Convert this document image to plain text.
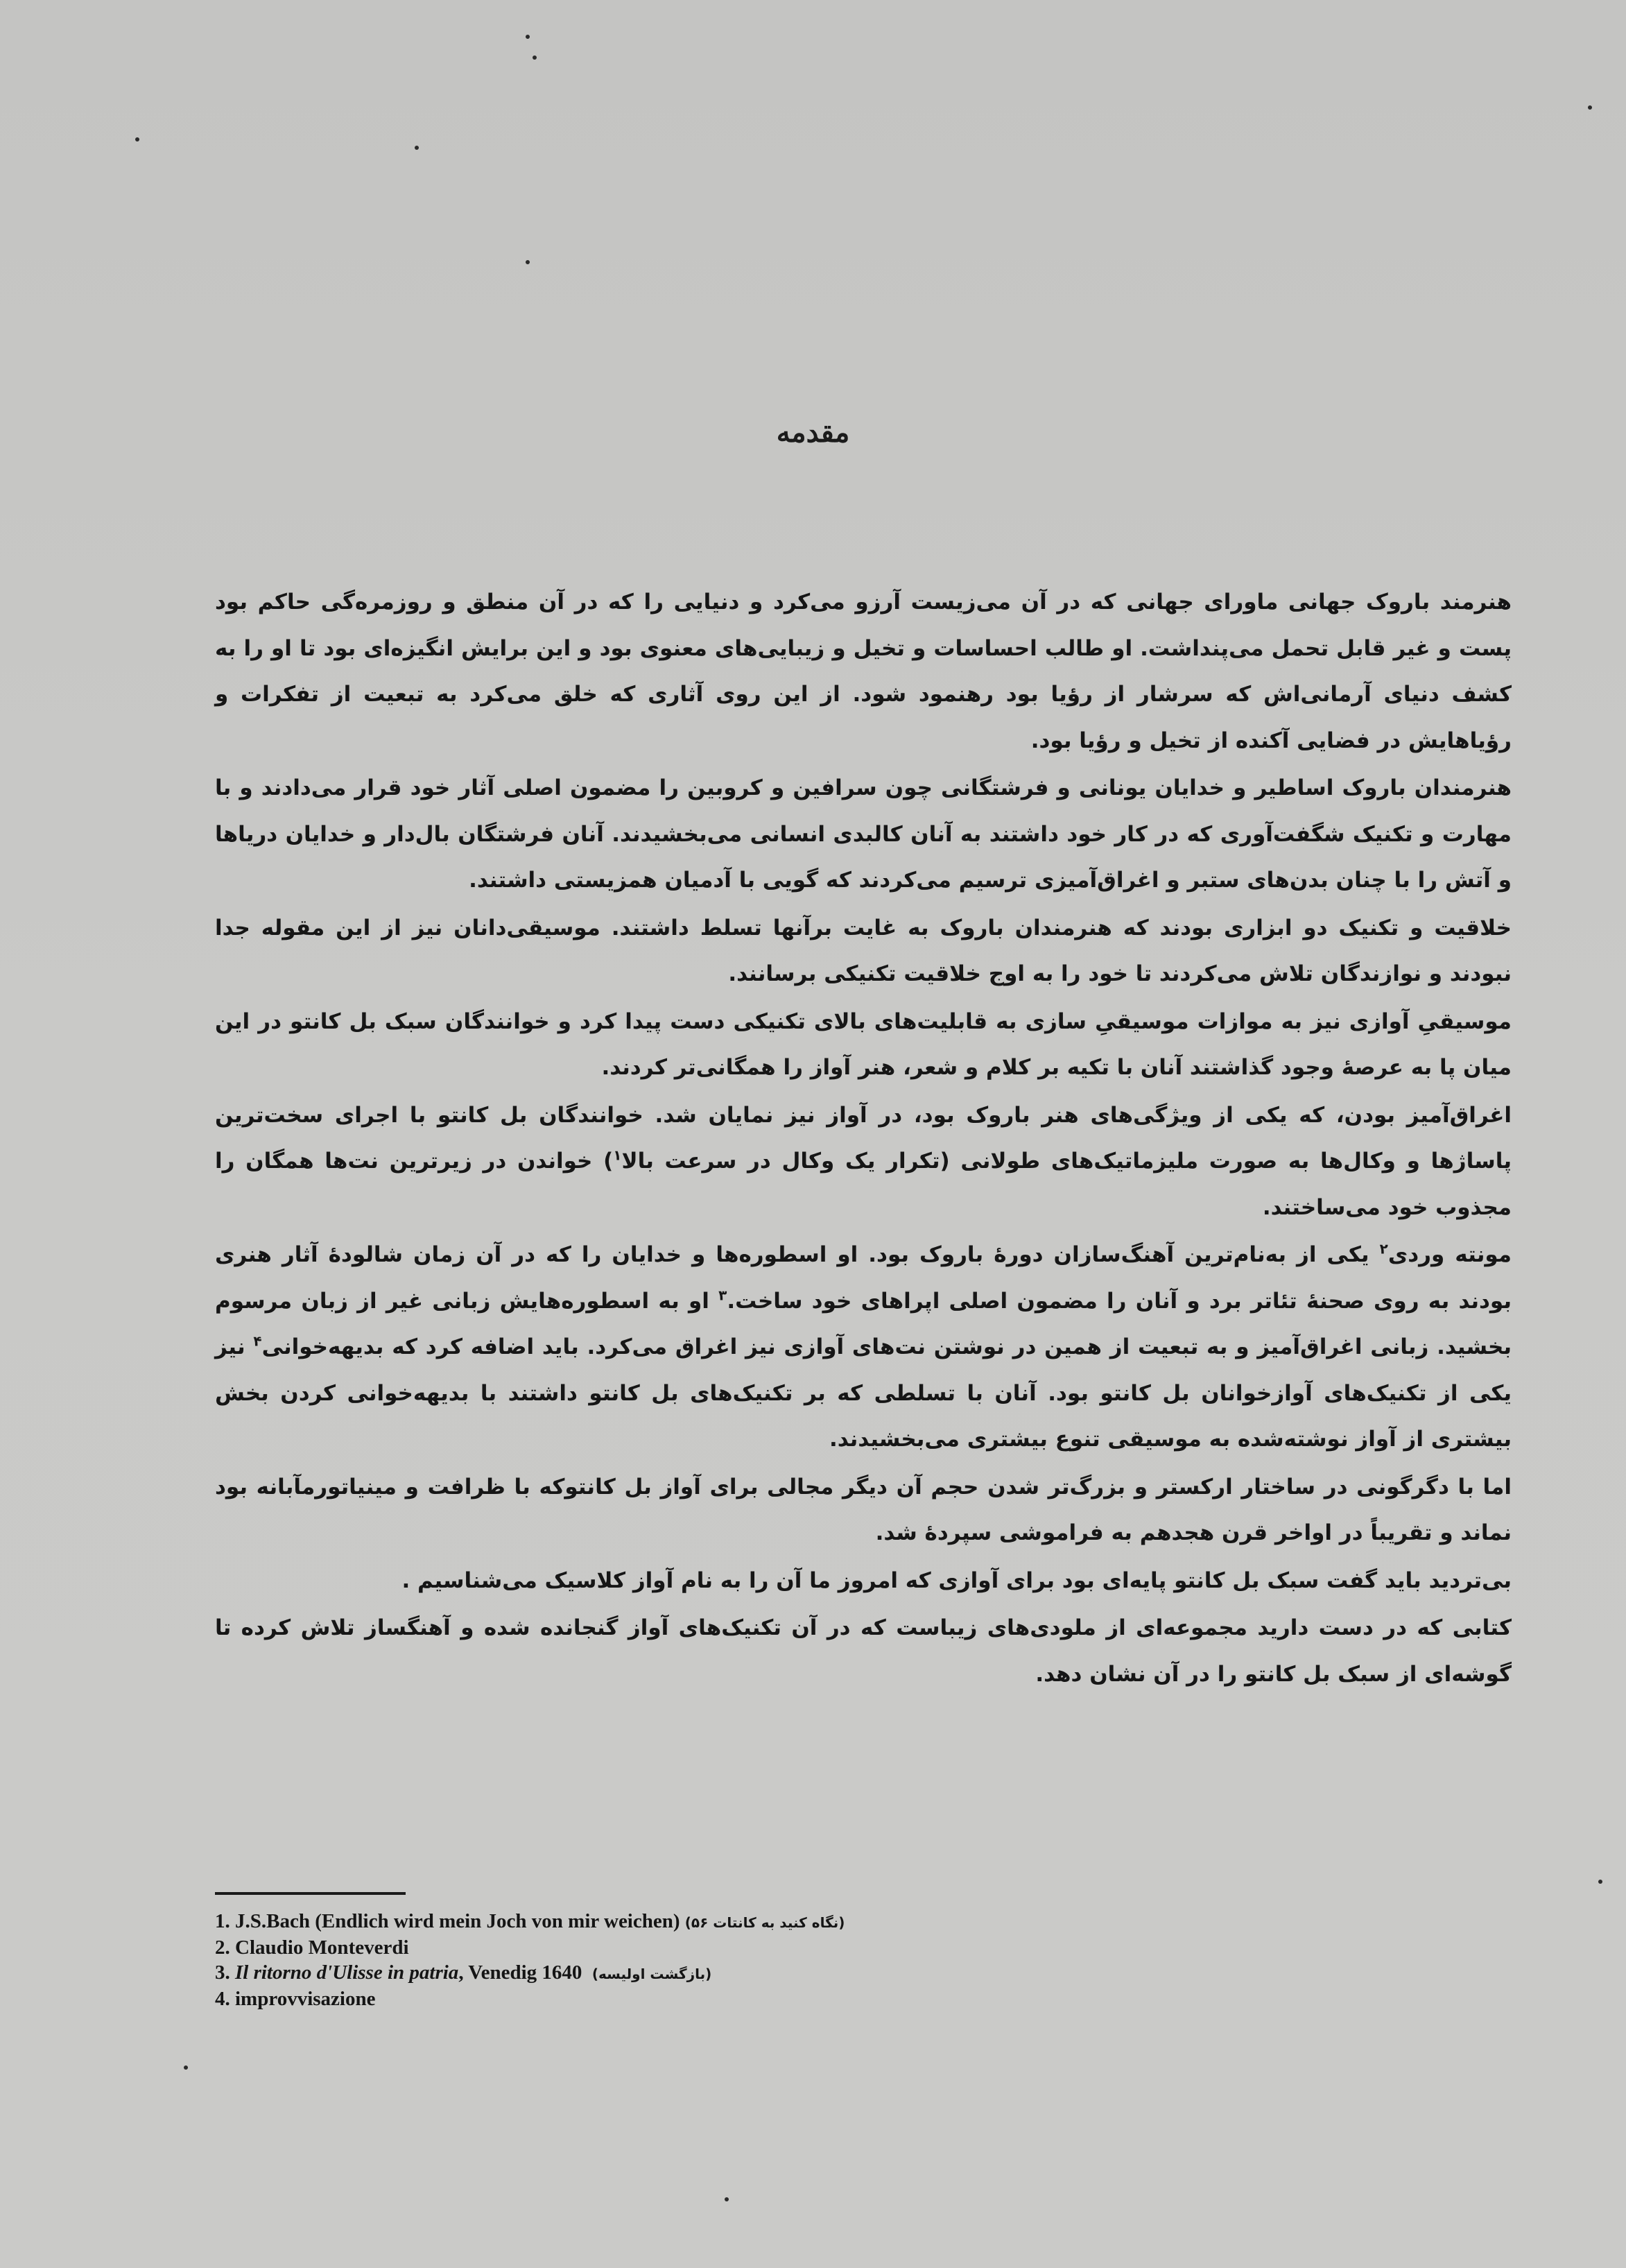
مقدمه

هنرمند باروک جهانی ماورای جهانی که در آن می‌زیست آرزو می‌کرد و دنیایی را که در آن منطق و روزمره‌گی حاکم بود پست و غیر قابل تحمل می‌پنداشت. او طالب احساسات و تخیل و زیبایی‌های معنوی بود و این برایش انگیزه‌ای بود تا او را به کشف دنیای آرمانی‌اش که سرشار از رؤیا بود رهنمود شود. از این روی آثاری که خلق می‌کرد به تبعیت از تفکرات و رؤیاهایش در فضایی آکنده از تخیل و رؤیا بود.

هنرمندان باروک اساطیر و خدایان یونانی و فرشتگانی چون سرافین و کروبین را مضمون اصلی آثار خود قرار می‌دادند و با مهارت و تکنیک شگفت‌آوری که در کار خود داشتند به آنان کالبدی انسانی می‌بخشیدند. آنان فرشتگان بال‌دار و خدایان دریاها و آتش را با چنان بدن‌های ستبر و اغراق‌آمیزی ترسیم می‌کردند که گویی با آدمیان همزیستی داشتند.

خلاقیت و تکنیک دو ابزاری بودند که هنرمندان باروک به غایت برآنها تسلط داشتند. موسیقی‌دانان نیز از این مقوله جدا نبودند و نوازندگان تلاش می‌کردند تا خود را به اوج خلاقیت تکنیکی برسانند.

موسیقیِ آوازی نیز به موازات موسیقیِ سازی به قابلیت‌های بالای تکنیکی دست پیدا کرد و خوانندگان سبک بل کانتو در این میان پا به عرصهٔ وجود گذاشتند آنان با تکیه بر کلام و شعر، هنر آواز را همگانی‌تر کردند.

اغراق‌آمیز بودن، که یکی از ویژگی‌های هنر باروک بود، در آواز نیز نمایان شد. خوانندگان بل کانتو با اجرای سخت‌ترین پاساژها و وکال‌ها به صورت ملیزماتیک‌های طولانی (تکرار یک وکال در سرعت بالا$^۱$) خواندن در زیرترین نت‌ها همگان را مجذوب خود می‌ساختند.

مونته وردی$^۲$ یکی از به‌نام‌ترین آهنگ‌سازان دورهٔ باروک بود. او اسطوره‌ها و خدایان را که در آن زمان شالودهٔ آثار هنری بودند به روی صحنهٔ تئاتر برد و آنان را مضمون اصلی اپراهای خود ساخت.$^۳$ او به اسطوره‌هایش زبانی غیر از زبان مرسوم بخشید. زبانی اغراق‌آمیز و به تبعیت از همین در نوشتن نت‌های آوازی نیز اغراق می‌کرد. باید اضافه کرد که بدیهه‌خوانی$^۴$ نیز یکی از تکنیک‌های آوازخوانان بل کانتو بود. آنان با تسلطی که بر تکنیک‌های بل کانتو داشتند با بدیهه‌خوانی کردن بخش بیشتری از آواز نوشته‌شده به موسیقی تنوع بیشتری می‌بخشیدند.

اما با دگرگونی در ساختار ارکستر و بزرگ‌تر شدن حجم آن دیگر مجالی برای آواز بل کانتوکه با ظرافت و مینیاتورمآبانه بود نماند و تقریباً در اواخر قرن هجدهم به فراموشی سپردهٔ شد.

بی‌تردید باید گفت سبک بل کانتو پایه‌ای بود برای آوازی که امروز ما آن را به نام آواز کلاسیک می‌شناسیم .

کتابی که در دست دارید مجموعه‌ای از ملودی‌های زیباست که در آن تکنیک‌های آواز گنجانده شده و آهنگساز تلاش کرده تا گوشه‌ای از سبک بل کانتو را در آن نشان دهد.

1. J.S.Bach (Endlich wird mein Joch von mir weichen) (نگاه کنید به کانتات ۵۶)
2. Claudio Monteverdi
3. Il ritorno d'Ulisse in patria, Venedig 1640 (بازگشت اولیسه)
4. improvvisazione
